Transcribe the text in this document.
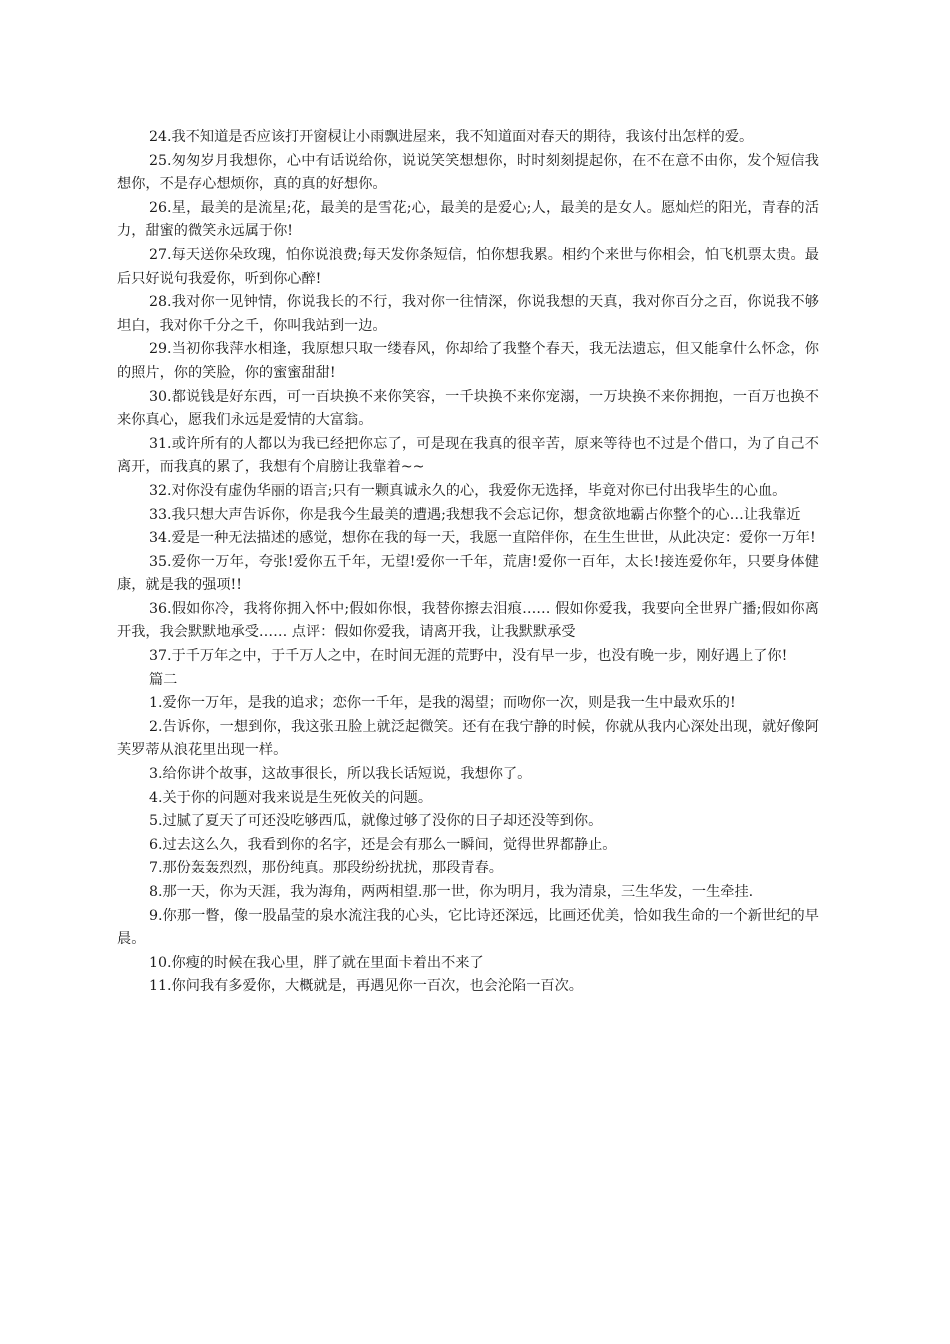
24.我不知道是否应该打开窗棂让小雨飘进屋来，我不知道面对春天的期待，我该付出怎样的爱。

25.匆匆岁月我想你，心中有话说给你，说说笑笑想想你，时时刻刻提起你，在不在意不由你，发个短信我想你，不是存心想烦你，真的真的好想你。

26.星，最美的是流星;花，最美的是雪花;心，最美的是爱心;人，最美的是女人。愿灿烂的阳光，青春的活力，甜蜜的微笑永远属于你!

27.每天送你朵玫瑰，怕你说浪费;每天发你条短信，怕你想我累。相约个来世与你相会，怕飞机票太贵。最后只好说句我爱你，听到你心醉!

28.我对你一见钟情，你说我长的不行，我对你一往情深，你说我想的天真，我对你百分之百，你说我不够坦白，我对你千分之千，你叫我站到一边。

29.当初你我萍水相逢，我原想只取一缕春风，你却给了我整个春天，我无法遗忘，但又能拿什么怀念，你的照片，你的笑脸，你的蜜蜜甜甜!

30.都说钱是好东西，可一百块换不来你笑容，一千块换不来你宠溺，一万块换不来你拥抱，一百万也换不来你真心，愿我们永远是爱情的大富翁。

31.或许所有的人都以为我已经把你忘了，可是现在我真的很辛苦，原来等待也不过是个借口，为了自己不离开，而我真的累了，我想有个肩膀让我靠着~~

32.对你没有虚伪华丽的语言;只有一颗真诚永久的心，我爱你无选择，毕竟对你已付出我毕生的心血。

33.我只想大声告诉你，你是我今生最美的遭遇;我想我不会忘记你，想贪欲地霸占你整个的心…让我靠近

34.爱是一种无法描述的感觉，想你在我的每一天，我愿一直陪伴你，在生生世世，从此决定：爱你一万年!

35.爱你一万年，夸张!爱你五千年，无望!爱你一千年，荒唐!爱你一百年，太长!接连爱你年，只要身体健康，就是我的强项!!

36.假如你冷，我将你拥入怀中;假如你恨，我替你擦去泪痕…… 假如你爱我，我要向全世界广播;假如你离开我，我会默默地承受…… 点评：假如你爱我，请离开我，让我默默承受

37.于千万年之中，于千万人之中，在时间无涯的荒野中，没有早一步，也没有晚一步，刚好遇上了你!

篇二

1.爱你一万年，是我的追求；恋你一千年，是我的渴望；而吻你一次，则是我一生中最欢乐的!

2.告诉你，一想到你，我这张丑脸上就泛起微笑。还有在我宁静的时候，你就从我内心深处出现，就好像阿芙罗蒂从浪花里出现一样。

3.给你讲个故事，这故事很长，所以我长话短说，我想你了。

4.关于你的问题对我来说是生死攸关的问题。

5.过腻了夏天了可还没吃够西瓜，就像过够了没你的日子却还没等到你。

6.过去这么久，我看到你的名字，还是会有那么一瞬间，觉得世界都静止。

7.那份轰轰烈烈，那份纯真。那段纷纷扰扰，那段青春。

8.那一天，你为天涯，我为海角，两两相望.那一世，你为明月，我为清泉，三生华发，一生牵挂.

9.你那一瞥，像一股晶莹的泉水流注我的心头，它比诗还深远，比画还优美，恰如我生命的一个新世纪的早晨。

10.你瘦的时候在我心里，胖了就在里面卡着出不来了

11.你问我有多爱你，大概就是，再遇见你一百次，也会沦陷一百次。
